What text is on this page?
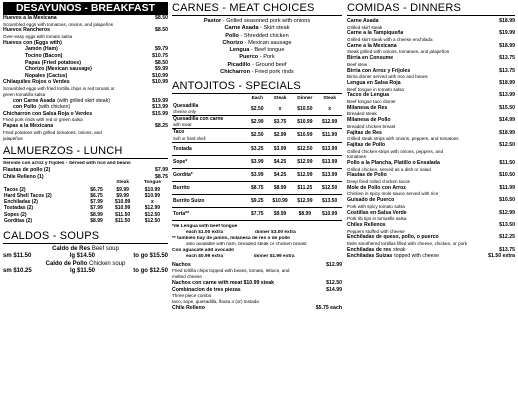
DESAYUNOS - BREAKFAST
Huevos a la Mexicana	$8.50
Scrambled eggs with tomatoes, onions, and jalapeños
Huevos Rancheros	$8.50
Over-easy eggs with tomato salsa
Huevos con (Eggs with)
Jamón (Ham)	$9.79
Tocino (Bacon)	$10.75
Papas (Fried potatoes)	$8.50
Chorizo (Mexican sausage)	$9.99
Nopales (Cactus)	$10.99
Chilaquiles Rojos o Verdes	$10.99
Scrambled eggs with fried tortilla chips in red tomato or
green tomatillo salsa
con Carne Asada (with grilled skirt steak)	$19.99
con Pollo (with chicken)	$13.99
Chicharron con Salsa Roja o Verdes	$15.99
Fried pork rinds with red or green salsa
Papas a la Mexicana	$8.25
Fried potatoes with grilled tomatoes, onions, and
jalapeños
ALMUERZOS - LUNCH
Servido con arroz y frijoles - Served with rice and beans
Flautas de pollo (2)	$7.99
Chile Relleno (1)	$8.75
		Steak	Tongue
Tacos (2)	$6.75	$9.99	$10.99
Hard Shell Tacos (2)	$6.75	$9.99	$10.99
Enchiladas (2)	$7.99	$10.99	x
Tostadas (2)	$7.99	$10.99	$12.99
Sopes (2)	$8.99	$11.50	$12.50
Gorditas (2)	$8.99	$11.50	$12.50
CALDOS - SOUPS
Caldo de Res Beef soup
sm $11.50	lg $14.50	to go $15.50
Caldo de Pollo Chicken soup
sm $10.25	lg $11.50	to go $12.50
CARNES - MEAT CHOICES
Pastor - Grilled seasoned pork with onions
Carne Asada - Skirt steak
Pollo - Shredded chicken
Chorizo - Mexican sausage
Lengua - Beef tongue
Puerco - Pork
Picadillo - Ground beef
Chicharron - Fried pork rinds
ANTOJITOS - SPECIALS
	Each	Steak	Dinner	Steak

Quesadilla
cheese only	$2.50	x	$10.50	x

Quesadilla con carne
with meat	$2.99	$3.75	$10.99	$12.99

Taco
Soft or hard shell	$2.50	$2.99	$10.99	$11.99

Tostada	$3.25	$3.99	$12.50	$13.99

Sope*	$3.99	$4.25	$12.99	$13.99

Gordita*	$3.99	$4.25	$12.99	$13.99

Burrito	$8.75	$8.99	$11.25	$12.50

Burrito Suizo	$9.25	$10.99	$12.99	$13.50

Torta**	$7.75	$9.99	$8.99	$10.99
*de Lengua with beef tongue
each $1.00 extra                        dinner $3.00 extra
** tambien hay de jamón, milanesa de res o de pollo
also available with ham, breaded steak or chicken breast
Con aguacate add avocado
each $0.99 extra                       dinner $1.99 extra
Nachos	$12.99
Fried tortilla chips topped with beans, tomato, lettuce, and
melted cheese
Nachos con carne with meat $10.99 steak	$12.50
Combinacion de tres piezas	$14.99
Three piece combo
taco, sope, quesadilla, flauta o (or) tostada
Chile Relleno	$5.75 each
COMIDAS - DINNERS
Carne Asada	$18.99
Grilled skirt steak
Carne a la Tampiqueña	$19.99
Grilled skirt steak with a cheese enchilada
Carne a la Mexicana	$18.99
Steak grilled with onions, tomatoes, and jalapeños
Birria en Consume	$13.75
Beef stew
Birria con Arroz y Frijoles	$13.75
Birria dinner served with rice and beans
Lengua en Salsa Roja	$18.99
Beef tongue in tomato salsa
Tacos de Lengua	$13.99
Beef tongue taco dinner
Milanesa de Res	$15.50
Breaded steak
Milanesa de Pollo	$14.99
Breaded chicken breast
Fajitas de Res	$18.99
Grilled steak strips with onions, peppers, and tomatoes
Fajitas de Pollo	$12.50
Grilled chicken strips with onions, peppers, and
tomatoes
Pollo a la Plancha, Platillo o Ensalada	$11.50
Grilled chicken, served as a dish or salad
Flautas de Pollo	$10.50
Deep fried rolled chicken tacos
Mole de Pollo con Arroz	$11.99
Chicken in spicy mole sauce served with rice
Guisado de Puerco	$10.50
Pork with spicy tomato salsa
Costillas en Salsa Verde	$12.99
Pork rib tips in tomatillo salsa
Chiles Rellenos	$13.50
Peppers stuffed with cheese
Enchiladas de queso, pollo, o puerco	$12.25
Mole smothered tortillas filled with cheese, chicken, or pork
Enchiladas de res steak	$13.75
Enchiladas Suizas topped with cheese	$1.50 extra
